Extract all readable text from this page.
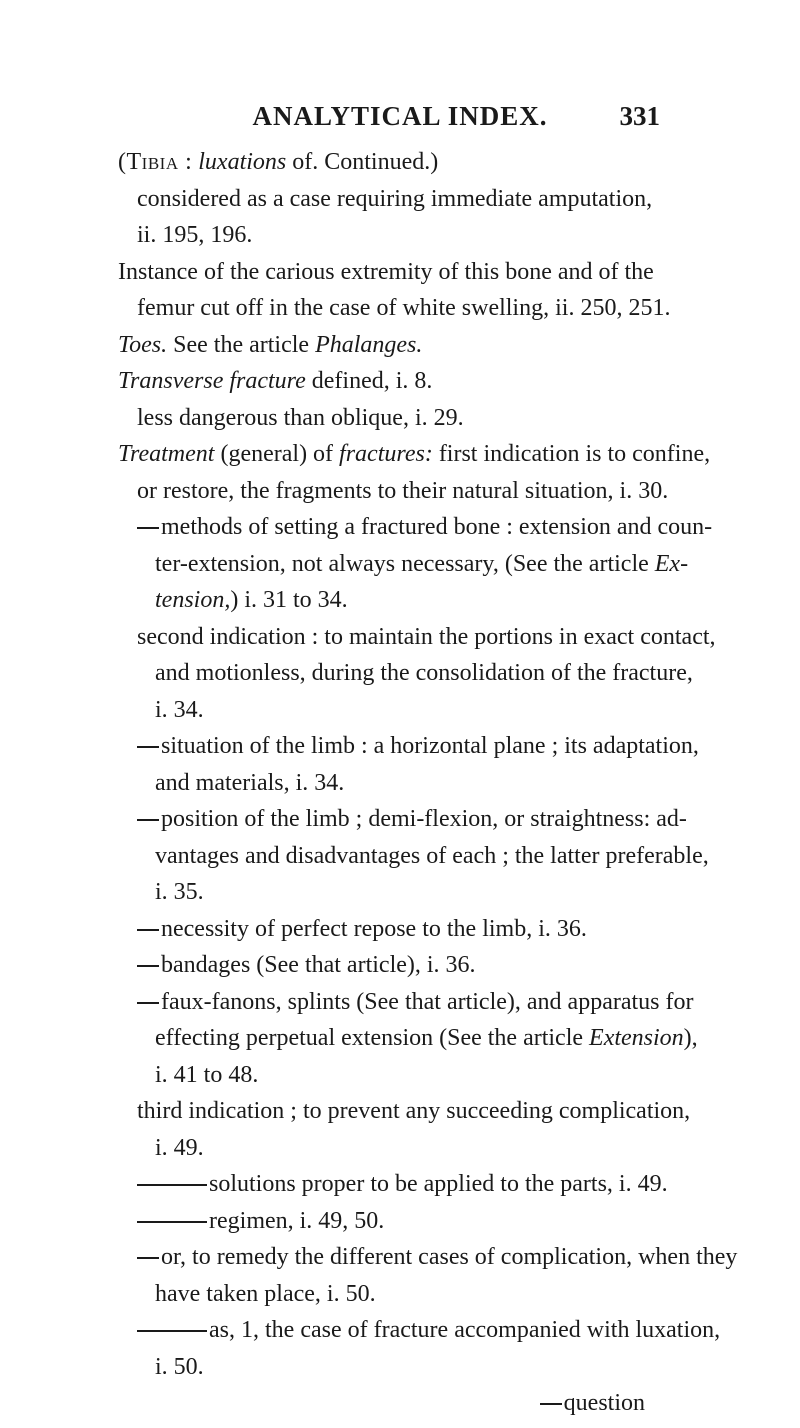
ANALYTICAL INDEX.	331
(Tibia : luxations of. Continued.)
considered as a case requiring immediate amputation,
ii. 195, 196.
Instance of the carious extremity of this bone and of the
femur cut off in the case of white swelling, ii. 250, 251.
Toes. See the article Phalanges.
Transverse fracture defined, i. 8.
less dangerous than oblique, i. 29.
Treatment (general) of fractures: first indication is to confine,
or restore, the fragments to their natural situation, i. 30.
methods of setting a fractured bone : extension and coun-
ter-extension, not always necessary, (See the article Ex-
tension,) i. 31 to 34.
second indication : to maintain the portions in exact contact,
and motionless, during the consolidation of the fracture,
i. 34.
situation of the limb : a horizontal plane ; its adaptation,
and materials, i. 34.
position of the limb ; demi-flexion, or straightness: ad-
vantages and disadvantages of each ; the latter preferable,
i. 35.
necessity of perfect repose to the limb, i. 36.
bandages (See that article), i. 36.
faux-fanons, splints (See that article), and apparatus for
effecting perpetual extension (See the article Extension),
i. 41 to 48.
third indication ; to prevent any succeeding complication,
i. 49.
solutions proper to be applied to the parts, i. 49.
regimen, i. 49, 50.
or, to remedy the different cases of complication, when they
have taken place, i. 50.
as, 1, the case of fracture accompanied with luxation,
i. 50.
question
